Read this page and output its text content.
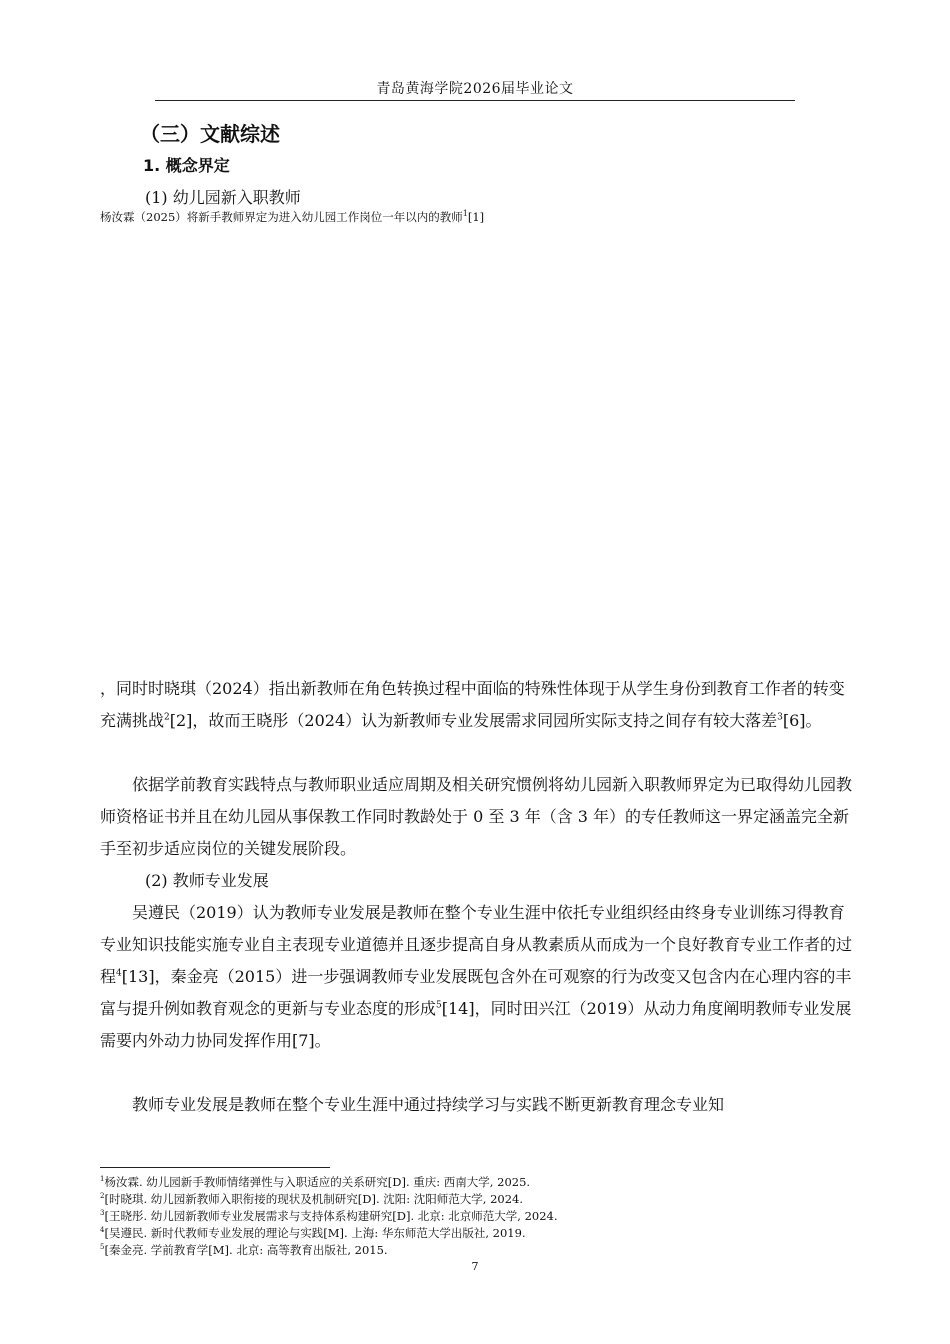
青岛黄海学院2026届毕业论文
（三）文献综述
1. 概念界定
(1) 幼儿园新入职教师
杨汝霖（2025）将新手教师界定为进入幼儿园工作岗位一年以内的教师$^1$[1]
，同时时晓琪（2024）指出新教师在角色转换过程中面临的特殊性体现于从学生身份到教育工作者的转变充满挑战$^2$[2]，故而王晓彤（2024）认为新教师专业发展需求同园所实际支持之间存有较大落差$^3$[6]。
依据学前教育实践特点与教师职业适应周期及相关研究惯例将幼儿园新入职教师界定为已取得幼儿园教师资格证书并且在幼儿园从事保教工作同时教龄处于 0 至 3 年（含 3 年）的专任教师这一界定涵盖完全新手至初步适应岗位的关键发展阶段。
(2) 教师专业发展
吴遵民（2019）认为教师专业发展是教师在整个专业生涯中依托专业组织经由终身专业训练习得教育专业知识技能实施专业自主表现专业道德并且逐步提高自身从教素质从而成为一个良好教育专业工作者的过程$^4$[13]，秦金亮（2015）进一步强调教师专业发展既包含外在可观察的行为改变又包含内在心理内容的丰富与提升例如教育观念的更新与专业态度的形成$^5$[14]，同时田兴江（2019）从动力角度阐明教师专业发展需要内外动力协同发挥作用[7]。
教师专业发展是教师在整个专业生涯中通过持续学习与实践不断更新教育理念专业知
$^1$杨汝霖. 幼儿园新手教师情绪弹性与入职适应的关系研究[D]. 重庆: 西南大学, 2025.
$^2$[时晓琪. 幼儿园新教师入职衔接的现状及机制研究[D]. 沈阳: 沈阳师范大学, 2024.
$^3$[王晓彤. 幼儿园新教师专业发展需求与支持体系构建研究[D]. 北京: 北京师范大学, 2024.
$^4$[吴遵民. 新时代教师专业发展的理论与实践[M]. 上海: 华东师范大学出版社, 2019.
$^5$[秦金亮. 学前教育学[M]. 北京: 高等教育出版社, 2015.
7
